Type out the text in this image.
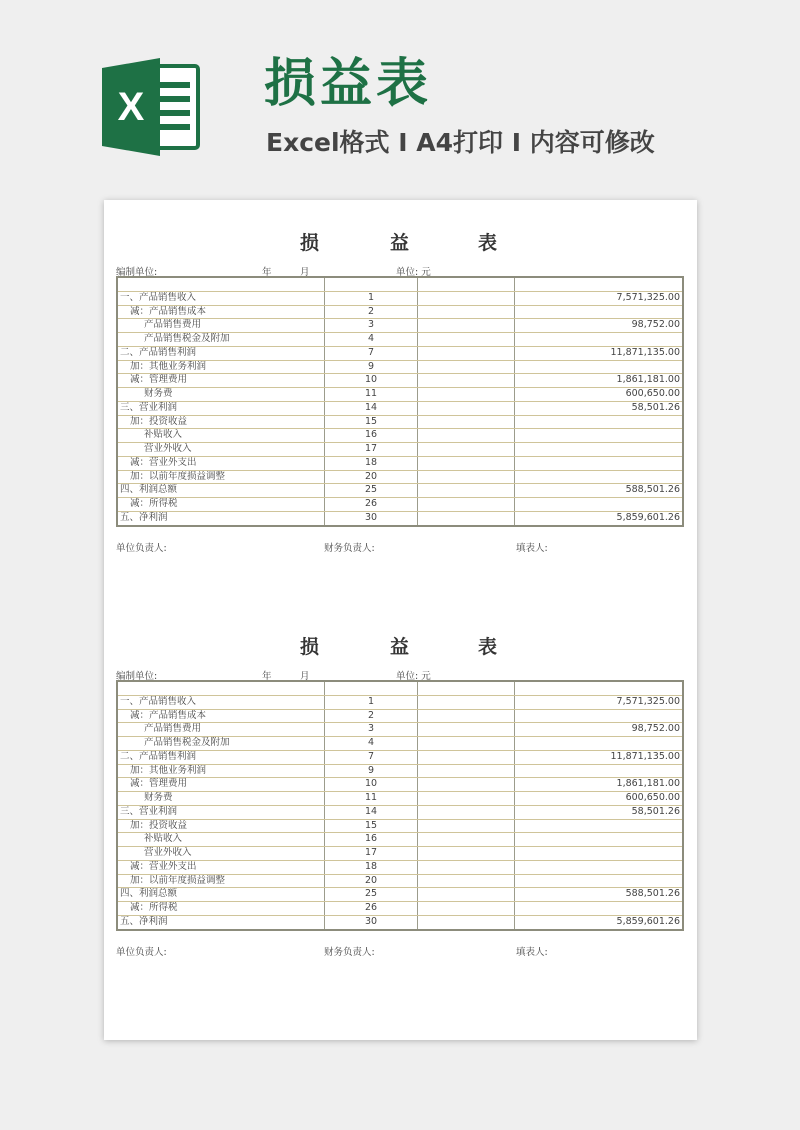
X 损益表
Excel格式 I A4打印 I 内容可修改
损	益	表
编制单位:	年	月	单位: 元

一、产品销售收入	1		7,571,325.00
减：产品销售成本	2		
产品销售费用	3		98,752.00
产品销售税金及附加	4		
二、产品销售利润	7		11,871,135.00
加：其他业务利润	9		
减：管理费用	10		1,861,181.00
财务费	11		600,650.00
三、营业利润	14		58,501.26
加：投资收益	15		
补贴收入	16		
营业外收入	17		
减：营业外支出	18		
加：以前年度损益调整	20		
四、利润总额	25		588,501.26
减：所得税	26		
五、净利润	30		5,859,601.26
单位负责人:	财务负责人:	填表人:
损	益	表
编制单位:	年	月	单位: 元

一、产品销售收入	1		7,571,325.00
减：产品销售成本	2		
产品销售费用	3		98,752.00
产品销售税金及附加	4		
二、产品销售利润	7		11,871,135.00
加：其他业务利润	9		
减：管理费用	10		1,861,181.00
财务费	11		600,650.00
三、营业利润	14		58,501.26
加：投资收益	15		
补贴收入	16		
营业外收入	17		
减：营业外支出	18		
加：以前年度损益调整	20		
四、利润总额	25		588,501.26
减：所得税	26		
五、净利润	30		5,859,601.26
单位负责人:	财务负责人:	填表人:
